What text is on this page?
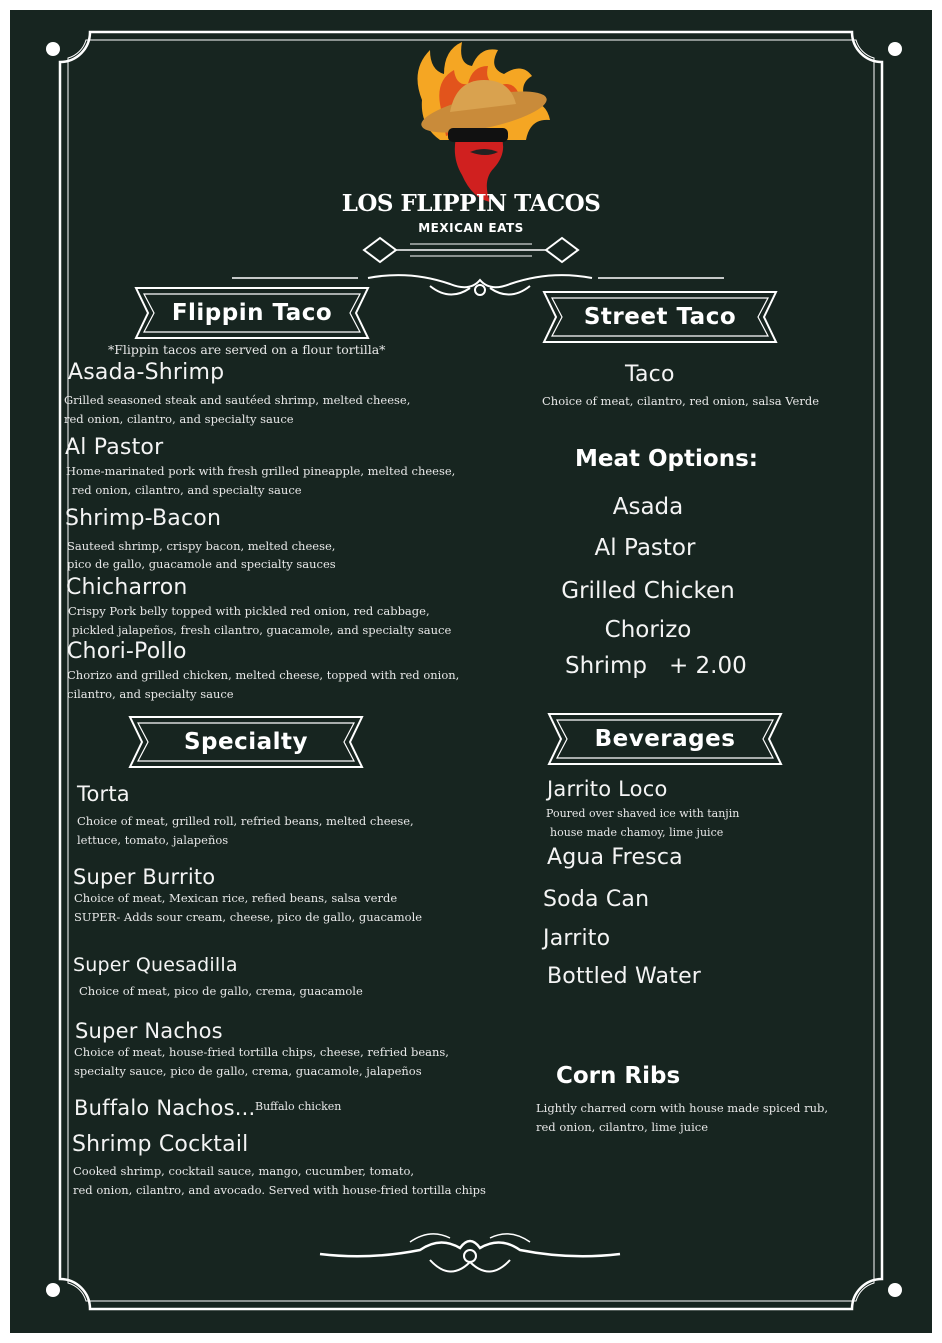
LOS FLIPPIN TACOS
MEXICAN EATS
Flippin Taco
*Flippin tacos are served on a flour tortilla*
Asada-Shrimp
Grilled seasoned steak and sautéed shrimp, melted cheese,
red onion, cilantro, and specialty sauce
Al Pastor
Home-marinated pork with fresh grilled pineapple, melted cheese,
red onion, cilantro, and specialty sauce
Shrimp-Bacon
Sauteed shrimp, crispy bacon, melted cheese,
pico de gallo, guacamole and specialty sauces
Chicharron
Crispy Pork belly topped with pickled red onion, red cabbage,
pickled jalapeños, fresh cilantro, guacamole, and specialty sauce
Chori-Pollo
Chorizo and grilled chicken, melted cheese, topped with red onion,
cilantro, and specialty sauce
Street Taco
Taco
Choice of meat, cilantro, red onion, salsa Verde
Meat Options:
Asada
Al Pastor
Grilled Chicken
Chorizo
Shrimp   + 2.00
Specialty
Torta
Choice of meat, grilled roll, refried beans, melted cheese,
lettuce, tomato, jalapeños
Super Burrito
Choice of meat, Mexican rice, refied beans, salsa verde
SUPER- Adds sour cream, cheese, pico de gallo, guacamole
Super Quesadilla
Choice of meat, pico de gallo, crema, guacamole
Super Nachos
Choice of meat, house-fried tortilla chips, cheese, refried beans,
specialty sauce, pico de gallo, crema, guacamole, jalapeños
Buffalo Nachos... Buffalo chicken
Shrimp Cocktail
Cooked shrimp, cocktail sauce, mango, cucumber, tomato,
red onion, cilantro, and avocado. Served with house-fried tortilla chips
Beverages
Jarrito Loco
Poured over shaved ice with tanjin
house made chamoy, lime juice
Agua Fresca
Soda Can
Jarrito
Bottled Water
Corn Ribs
Lightly charred corn with house made spiced rub,
red onion, cilantro, lime juice
